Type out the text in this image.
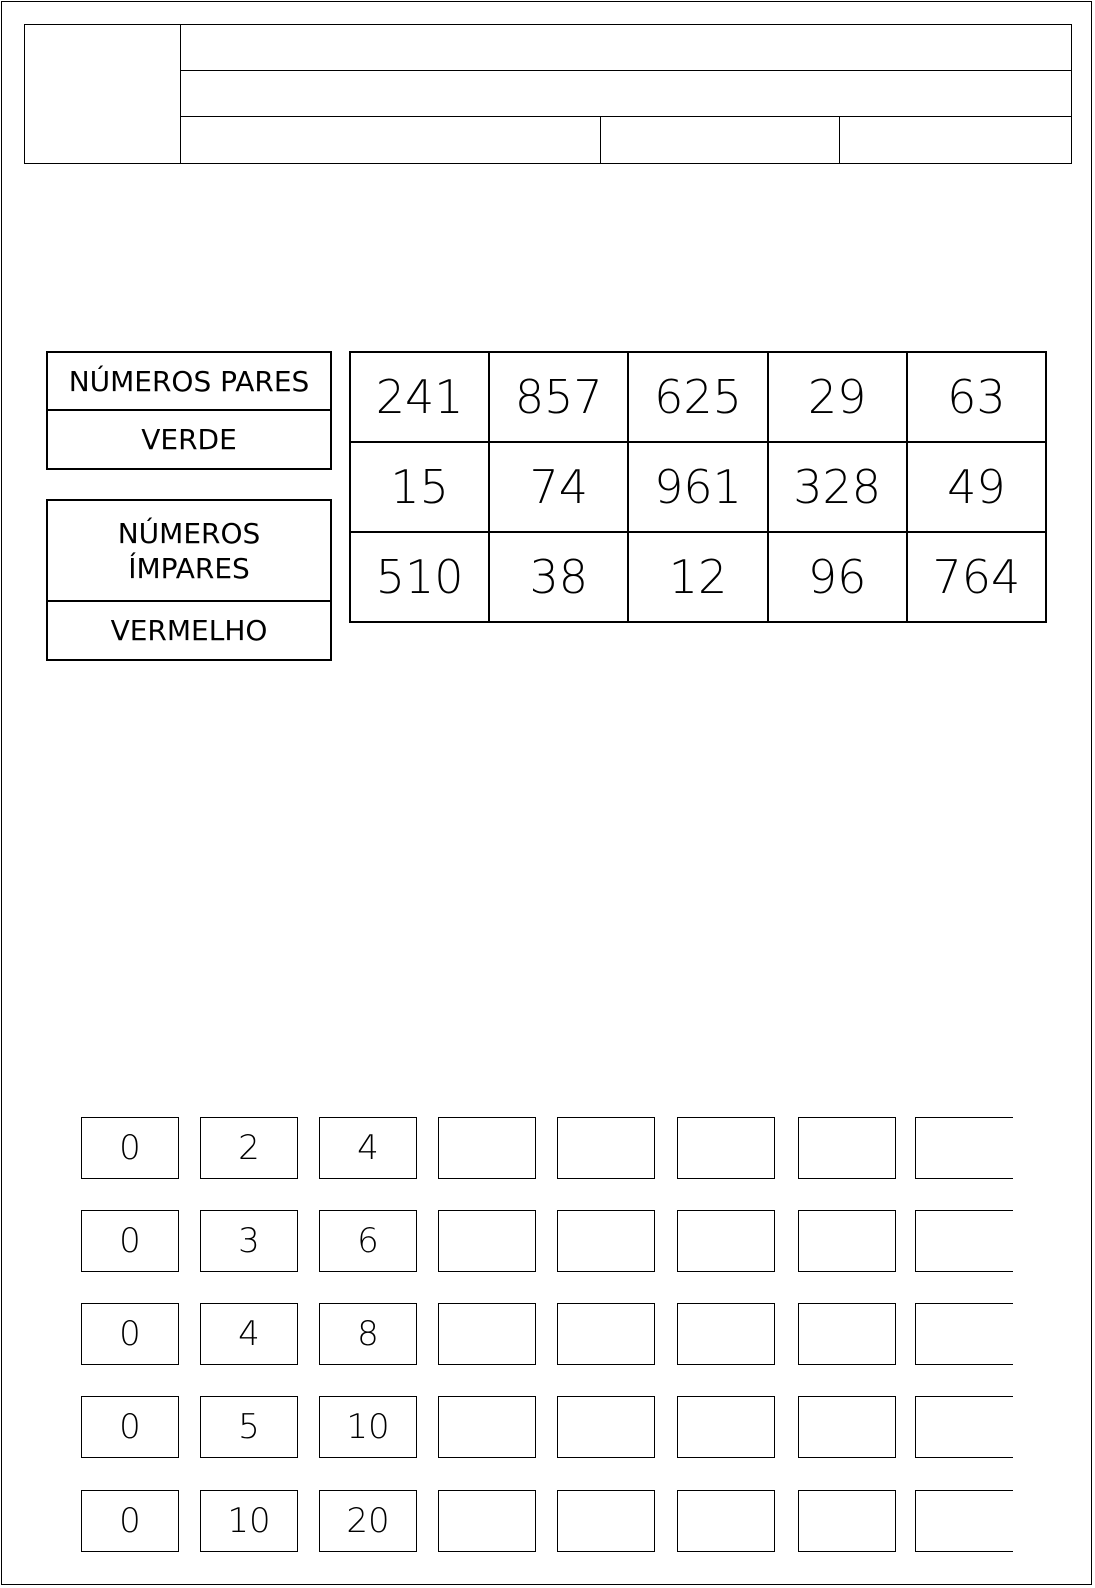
NÚMEROS PARES
VERDE
NÚMEROS ÍMPARES
VERMELHO
241	857	625	29	63
15	74	961	328	49
510	38	12	96	764
0	2	4
0	3	6
0	4	8
0	5	10
0	10	20
